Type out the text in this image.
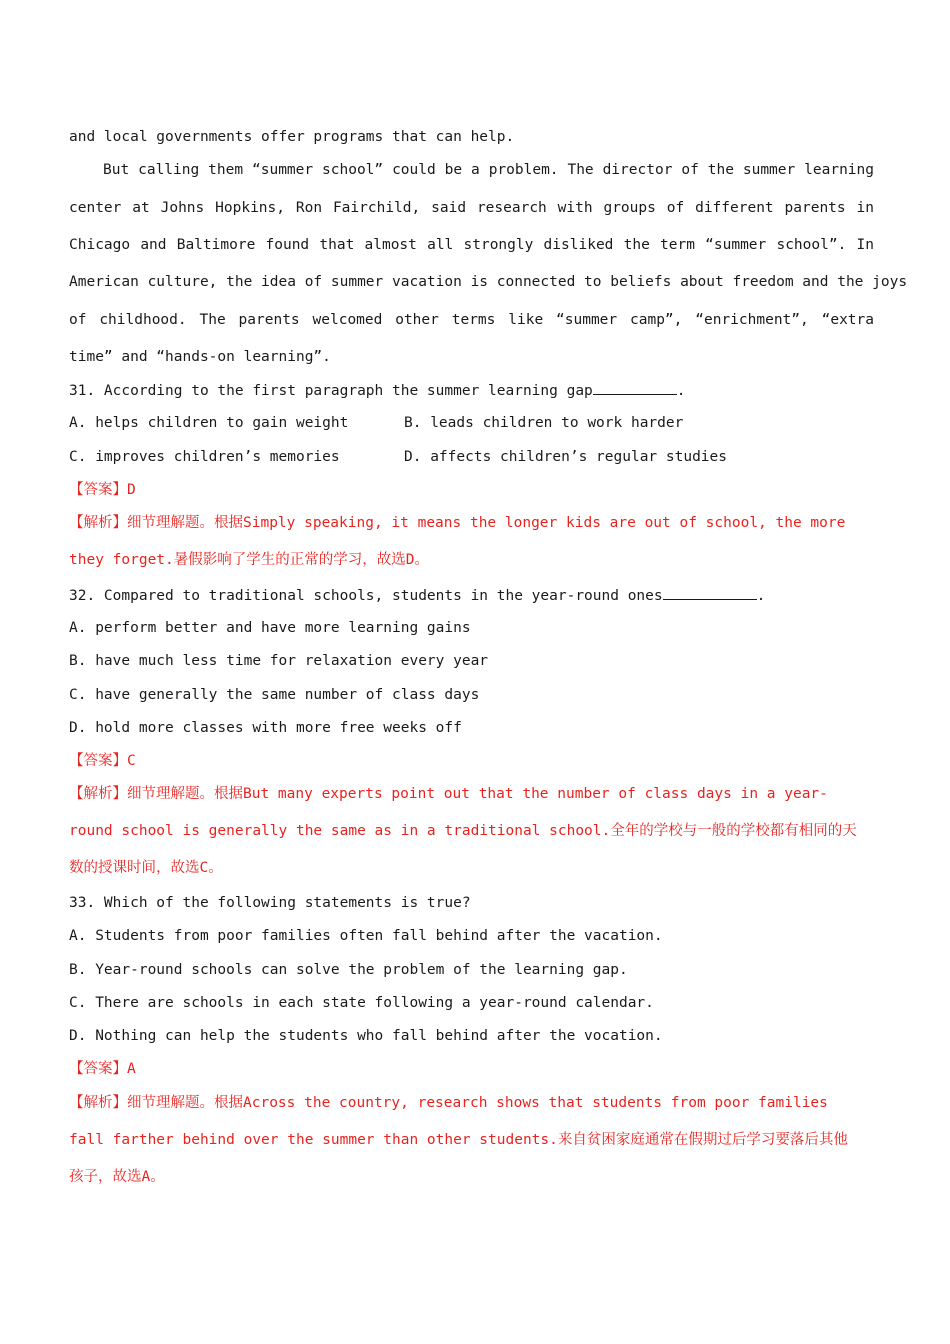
and local governments offer programs that can help.
But calling them “summer school” could be a problem. The director of the summer learning
center at Johns Hopkins, Ron Fairchild, said research with groups of different parents in
Chicago and Baltimore found that almost all strongly disliked the term “summer school”. In
American culture, the idea of summer vacation is connected to beliefs about freedom and the joys
of childhood. The parents welcomed other terms like “summer camp”, “enrichment”, “extra
time” and “hands-on learning”.
31. According to the first paragraph the summer learning gap	.
A. helps children to gain weight	B. leads children to work harder
C. improves children’s memories	D. affects children’s regular studies
【答案】D
【解析】细节理解题。根据Simply speaking, it means the longer kids are out of school, the more
they forget.暑假影响了学生的正常的学习，故选D。
32. Compared to traditional schools, students in the year-round ones	.
A. perform better and have more learning gains
B. have much less time for relaxation every year
C. have generally the same number of class days
D. hold more classes with more free weeks off
【答案】C
【解析】细节理解题。根据But many experts point out that the number of class days in a year-
round school is generally the same as in a traditional school.全年的学校与一般的学校都有相同的天
数的授课时间，故选C。
33. Which of the following statements is true?
A. Students from poor families often fall behind after the vacation.
B. Year-round schools can solve the problem of the learning gap.
C. There are schools in each state following a year-round calendar.
D. Nothing can help the students who fall behind after the vocation.
【答案】A
【解析】细节理解题。根据Across the country, research shows that students from poor families
fall farther behind over the summer than other students.来自贫困家庭通常在假期过后学习要落后其他
孩子，故选A。
